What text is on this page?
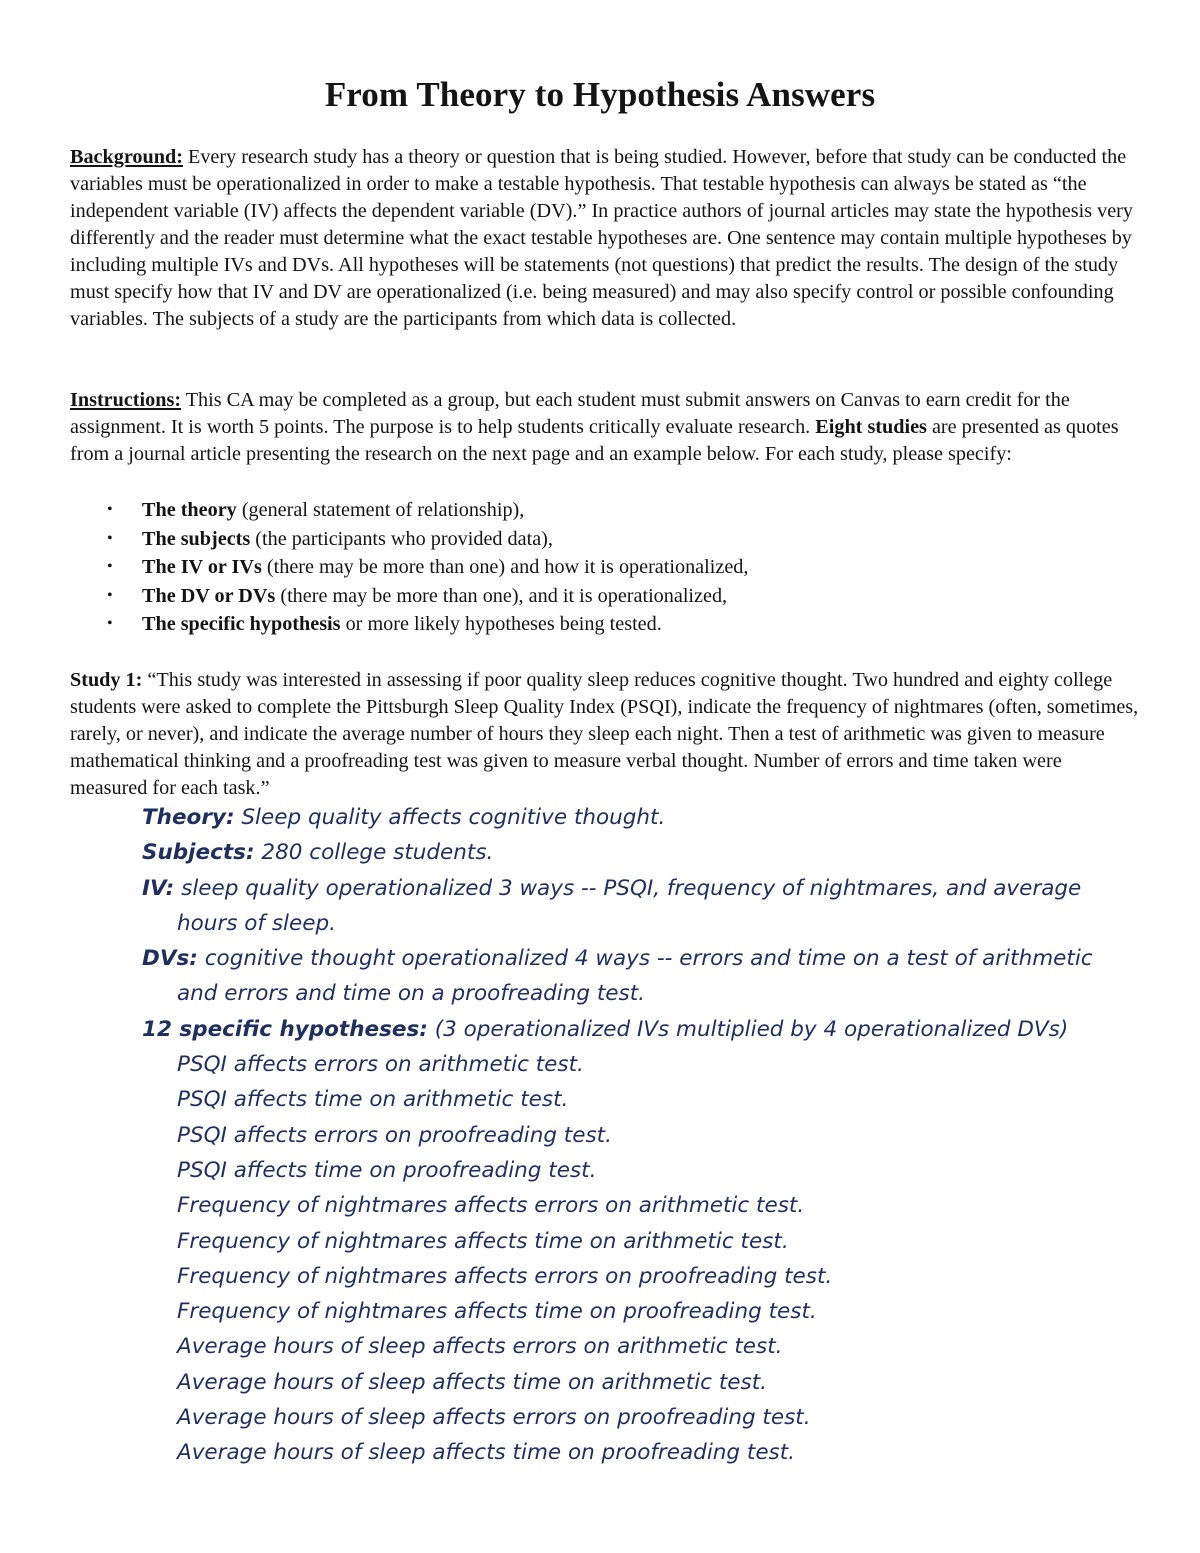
From Theory to Hypothesis Answers
Background: Every research study has a theory or question that is being studied. However, before that study can be conducted the variables must be operationalized in order to make a testable hypothesis. That testable hypothesis can always be stated as “the independent variable (IV) affects the dependent variable (DV).” In practice authors of journal articles may state the hypothesis very differently and the reader must determine what the exact testable hypotheses are. One sentence may contain multiple hypotheses by including multiple IVs and DVs. All hypotheses will be statements (not questions) that predict the results. The design of the study must specify how that IV and DV are operationalized (i.e. being measured) and may also specify control or possible confounding variables. The subjects of a study are the participants from which data is collected.
Instructions: This CA may be completed as a group, but each student must submit answers on Canvas to earn credit for the assignment. It is worth 5 points. The purpose is to help students critically evaluate research. Eight studies are presented as quotes from a journal article presenting the research on the next page and an example below. For each study, please specify:
• The theory (general statement of relationship),
• The subjects (the participants who provided data),
• The IV or IVs (there may be more than one) and how it is operationalized,
• The DV or DVs (there may be more than one), and it is operationalized,
• The specific hypothesis or more likely hypotheses being tested.
Study 1: “This study was interested in assessing if poor quality sleep reduces cognitive thought. Two hundred and eighty college students were asked to complete the Pittsburgh Sleep Quality Index (PSQI), indicate the frequency of nightmares (often, sometimes, rarely, or never), and indicate the average number of hours they sleep each night. Then a test of arithmetic was given to measure mathematical thinking and a proofreading test was given to measure verbal thought. Number of errors and time taken were measured for each task.”
Theory: Sleep quality affects cognitive thought.
Subjects: 280 college students.
IV: sleep quality operationalized 3 ways -- PSQI, frequency of nightmares, and average
hours of sleep.
DVs: cognitive thought operationalized 4 ways -- errors and time on a test of arithmetic
and errors and time on a proofreading test.
12 specific hypotheses: (3 operationalized IVs multiplied by 4 operationalized DVs)
PSQI affects errors on arithmetic test.
PSQI affects time on arithmetic test.
PSQI affects errors on proofreading test.
PSQI affects time on proofreading test.
Frequency of nightmares affects errors on arithmetic test.
Frequency of nightmares affects time on arithmetic test.
Frequency of nightmares affects errors on proofreading test.
Frequency of nightmares affects time on proofreading test.
Average hours of sleep affects errors on arithmetic test.
Average hours of sleep affects time on arithmetic test.
Average hours of sleep affects errors on proofreading test.
Average hours of sleep affects time on proofreading test.
